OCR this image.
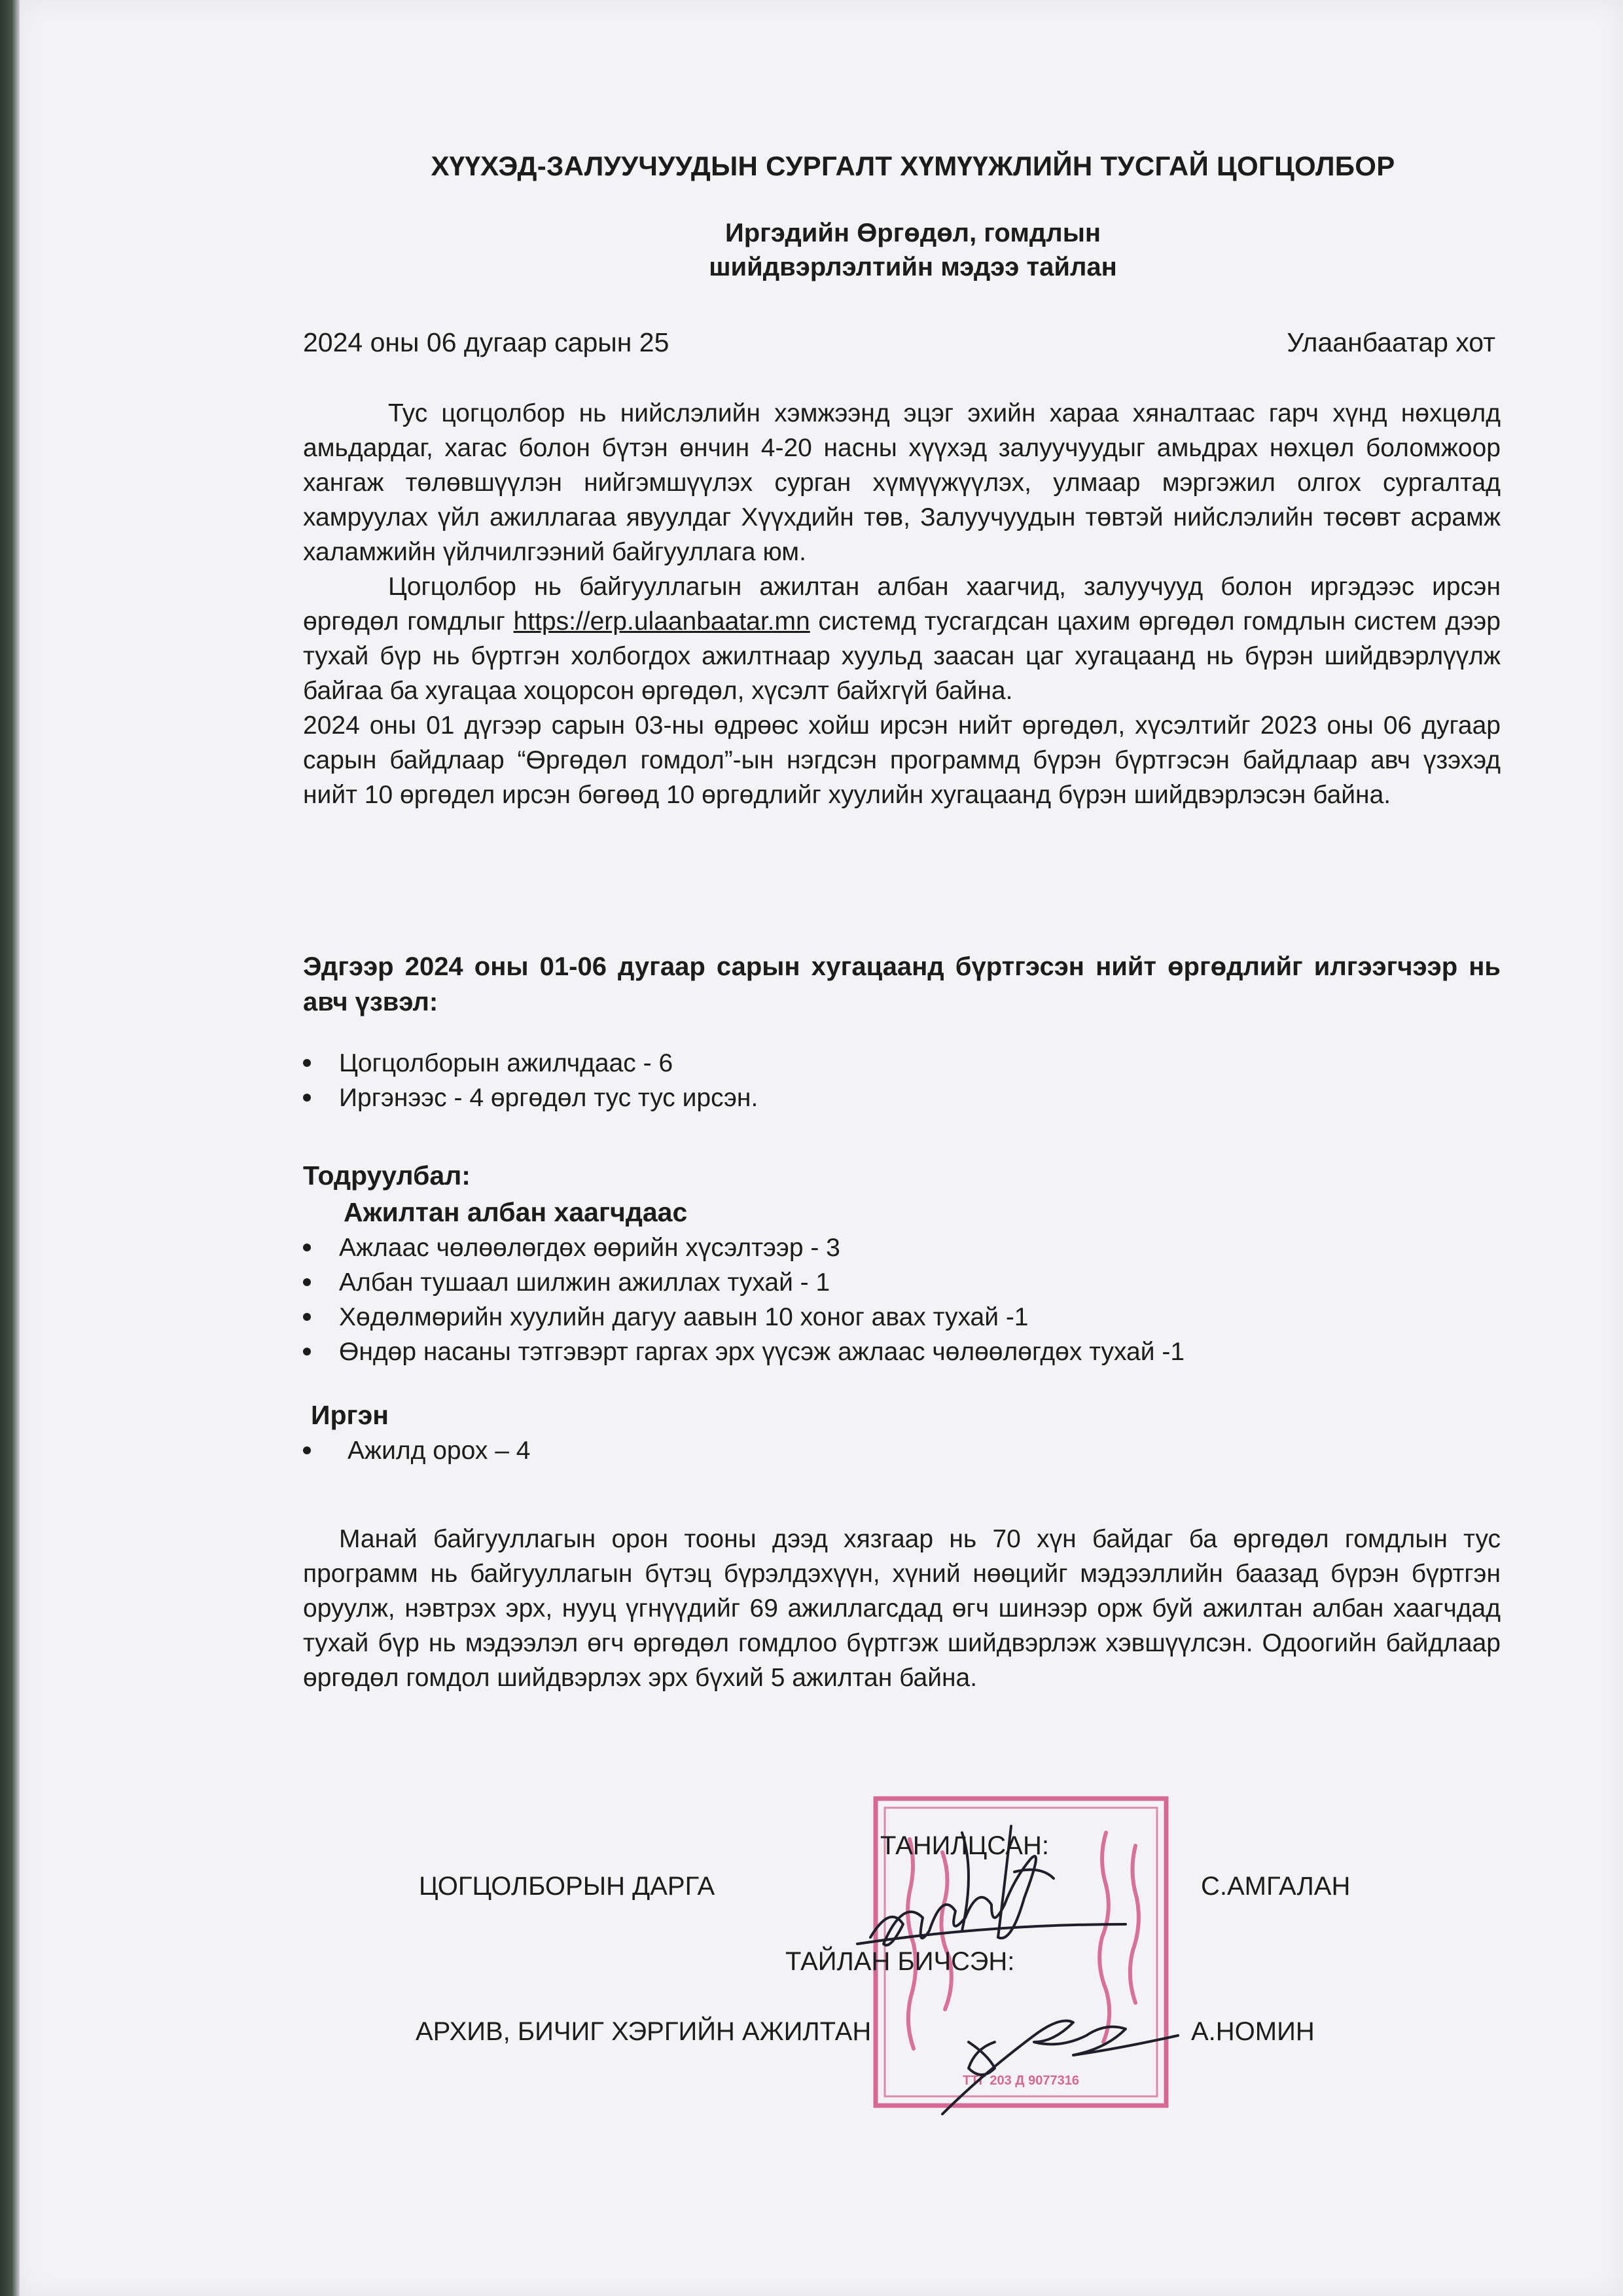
ХҮҮХЭД-ЗАЛУУЧУУДЫН СУРГАЛТ ХҮМҮҮЖЛИЙН ТУСГАЙ ЦОГЦОЛБОР
Иргэдийн Өргөдөл, гомдлын
шийдвэрлэлтийн мэдээ тайлан
2024 оны 06 дугаар сарын 25	Улаанбаатар хот

Тус цогцолбор нь нийслэлийн хэмжээнд эцэг эхийн хараа хяналтаас гарч хүнд нөхцөлд амьдардаг, хагас болон бүтэн өнчин 4-20 насны хүүхэд залуучуудыг амьдрах нөхцөл боломжоор хангаж төлөвшүүлэн нийгэмшүүлэх сурган хүмүүжүүлэх, улмаар мэргэжил олгох сургалтад хамруулах үйл ажиллагаа явуулдаг Хүүхдийн төв, Залуучуудын төвтэй нийслэлийн төсөвт асрамж халамжийн үйлчилгээний байгууллага юм.

Цогцолбор нь байгууллагын ажилтан албан хаагчид, залуучууд болон иргэдээс ирсэн өргөдөл гомдлыг https://erp.ulaanbaatar.mn системд тусгагдсан цахим өргөдөл гомдлын систем дээр тухай бүр нь бүртгэн холбогдох ажилтнаар хуульд заасан цаг хугацаанд нь бүрэн шийдвэрлүүлж байгаа ба хугацаа хоцорсон өргөдөл, хүсэлт байхгүй байна.

2024 оны 01 дүгээр сарын 03-ны өдрөөс хойш ирсэн нийт өргөдөл, хүсэлтийг 2023 оны 06 дугаар сарын байдлаар “Өргөдөл гомдол”-ын нэгдсэн программд бүрэн бүртгэсэн байдлаар авч үзэхэд нийт 10 өргөдел ирсэн бөгөөд 10 өргөдлийг хуулийн хугацаанд бүрэн шийдвэрлэсэн байна.

Эдгээр 2024 оны 01-06 дугаар сарын хугацаанд бүртгэсэн нийт өргөдлийг илгээгчээр нь авч үзвэл:
Цогцолборын ажилчдаас - 6
Иргэнээс - 4 өргөдөл тус тус ирсэн.
Тодруулбал:
Ажилтан албан хаагчдаас
Ажлаас чөлөөлөгдөх өөрийн хүсэлтээр - 3
Албан тушаал шилжин ажиллах тухай - 1
Хөдөлмөрийн хуулийн дагуу аавын 10 хоног авах тухай -1
Өндөр насаны тэтгэвэрт гаргах эрх үүсэж ажлаас чөлөөлөгдөх тухай -1
Иргэн
Ажилд орох – 4
Манай байгууллагын орон тооны дээд хязгаар нь 70 хүн байдаг ба өргөдөл гомдлын тус программ нь байгууллагын бүтэц бүрэлдэхүүн, хүний нөөцийг мэдээллийн баазад бүрэн бүртгэн оруулж, нэвтрэх эрх, нууц үгнүүдийг 69 ажиллагсдад өгч шинээр орж буй ажилтан албан хаагчдад тухай бүр нь мэдээлэл өгч өргөдөл гомдлоо бүртгэж шийдвэрлэж хэвшүүлсэн. Одоогийн байдлаар өргөдөл гомдол шийдвэрлэх эрх бүхий 5 ажилтан байна.
ТТГ 203 Д 9077316
ТАНИЛЦСАН:
ЦОГЦОЛБОРЫН ДАРГА	С.АМГАЛАН
ТАЙЛАН БИЧСЭН:
АРХИВ, БИЧИГ ХЭРГИЙН АЖИЛТАН	А.НОМИН
